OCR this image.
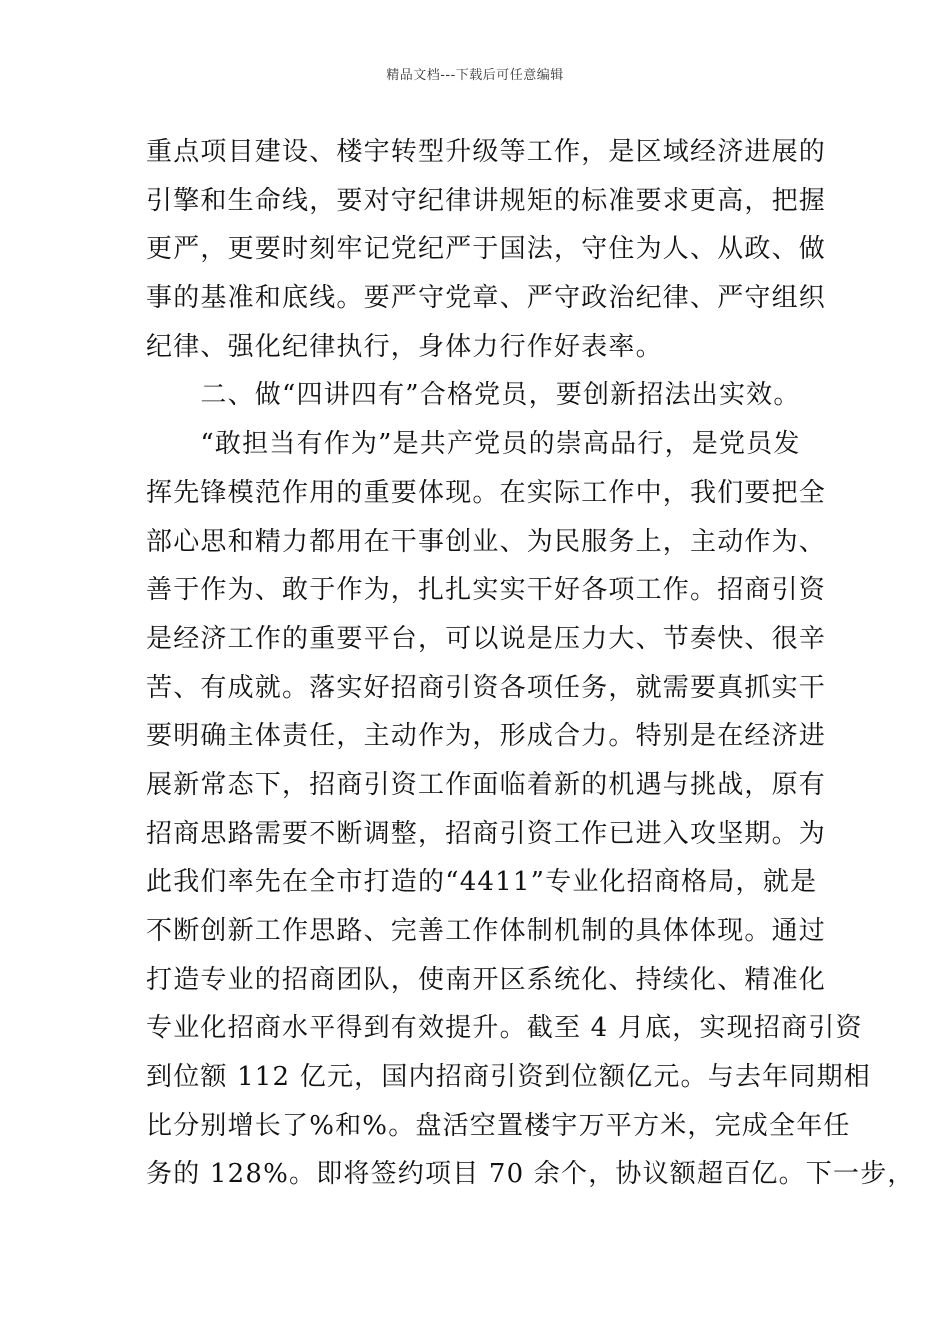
精品文档---下载后可任意编辑
重点项目建设、楼宇转型升级等工作，是区域经济进展的
引擎和生命线，要对守纪律讲规矩的标准要求更高，把握
更严，更要时刻牢记党纪严于国法，守住为人、从政、做
事的基准和底线。要严守党章、严守政治纪律、严守组织
纪律、强化纪律执行，身体力行作好表率。
　　二、做“四讲四有”合格党员，要创新招法出实效。
　　“敢担当有作为”是共产党员的崇高品行，是党员发
挥先锋模范作用的重要体现。在实际工作中，我们要把全
部心思和精力都用在干事创业、为民服务上，主动作为、
善于作为、敢于作为，扎扎实实干好各项工作。招商引资
是经济工作的重要平台，可以说是压力大、节奏快、很辛
苦、有成就。落实好招商引资各项任务，就需要真抓实干
要明确主体责任，主动作为，形成合力。特别是在经济进
展新常态下，招商引资工作面临着新的机遇与挑战，原有
招商思路需要不断调整，招商引资工作已进入攻坚期。为
此我们率先在全市打造的“4411”专业化招商格局，就是
不断创新工作思路、完善工作体制机制的具体体现。通过
打造专业的招商团队，使南开区系统化、持续化、精准化
专业化招商水平得到有效提升。截至 4 月底，实现招商引资
到位额 112 亿元，国内招商引资到位额亿元。与去年同期相
比分别增长了%和%。盘活空置楼宇万平方米，完成全年任
务的 128%。即将签约项目 70 余个，协议额超百亿。下一步，
